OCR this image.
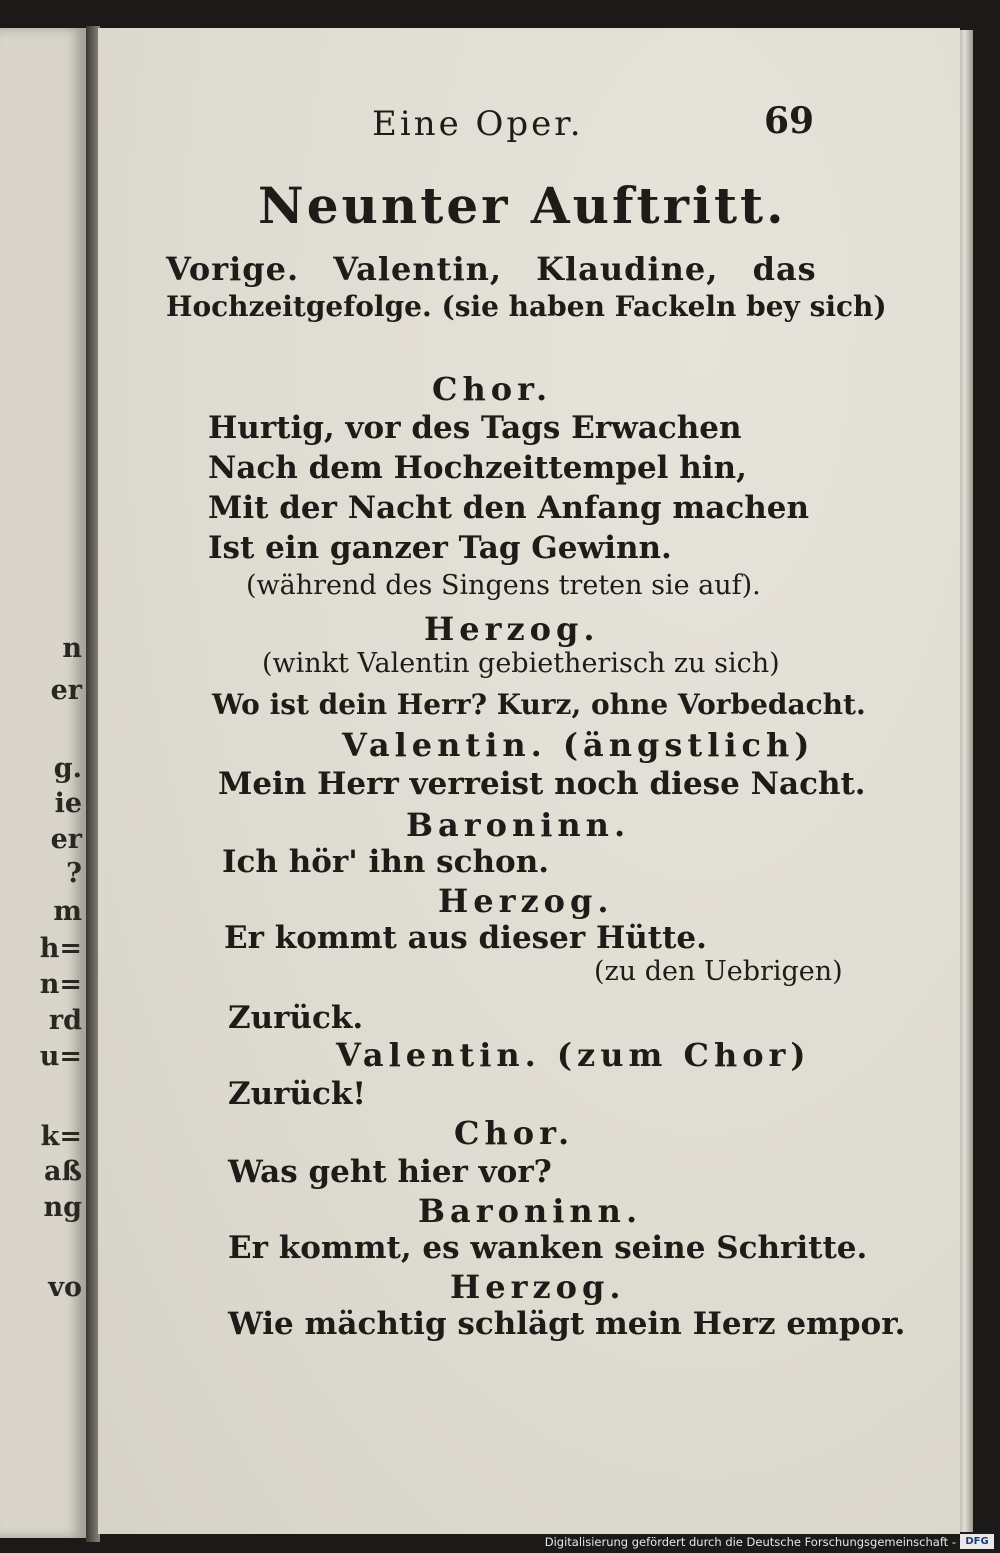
n

er

g.

ie

er

?

m

h=

n=

rd

u=

k=

aß

ng

vo

Eine Oper.	69

Neunter Auftritt.

Vorige. Valentin, Klaudine, das

Hochzeitgefolge. (sie haben Fackeln bey sich)

Chor.

Hurtig, vor des Tags Erwachen

Nach dem Hochzeittempel hin,

Mit der Nacht den Anfang machen

Ist ein ganzer Tag Gewinn.

(während des Singens treten sie auf).

Herzog.

(winkt Valentin gebietherisch zu sich)

Wo ist dein Herr? Kurz, ohne Vorbedacht.

Valentin. (ängstlich)

Mein Herr verreist noch diese Nacht.

Baroninn.

Ich hör' ihn schon.

Herzog.

Er kommt aus dieser Hütte.

(zu den Uebrigen)

Zurück.

Valentin. (zum Chor)

Zurück!

Chor.

Was geht hier vor?

Baroninn.

Er kommt, es wanken seine Schritte.

Herzog.

Wie mächtig schlägt mein Herz empor.

Digitalisierung gefördert durch die Deutsche Forschungsgemeinschaft - DFG
